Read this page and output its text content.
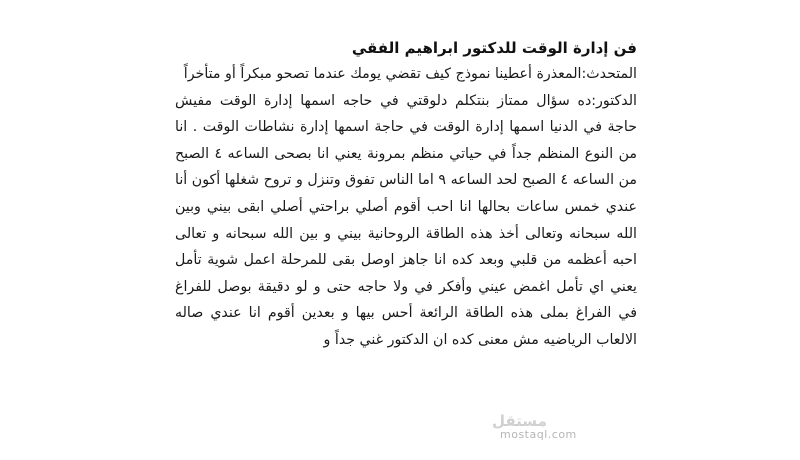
فن إدارة الوقت للدكتور ابراهيم الفقي

المتحدث:المعذرة أعطينا نموذج كيف تقضي يومك عندما تصحو مبكراً أو متأخراً

الدكتور:ده سؤال ممتاز بنتكلم دلوقتي في حاجه اسمها إدارة الوقت مفيش حاجة في الدنيا اسمها إدارة الوقت في حاجة اسمها إدارة نشاطات الوقت . انا من النوع المنظم جداً في حياتي منظم بمرونة يعني انا بصحى الساعه ٤ الصبح من الساعه ٤ الصبح لحد الساعه ٩ اما الناس تفوق وتنزل و تروح شغلها أكون أنا عندي خمس ساعات بحالها انا احب أقوم أصلي براحتي أصلي ابقى بيني وبين الله سبحانه وتعالى أخذ هذه الطاقة الروحانية بيني و بين الله سبحانه و تعالى احبه أعظمه من قلبي وبعد كده انا جاهز اوصل بقى للمرحلة اعمل شوية تأمل يعني اي تأمل اغمض عيني وأفكر في ولا حاجه حتى و لو دقيقة بوصل للفراغ في الفراغ بملى هذه الطاقة الرائعة أحس بيها و بعدين أقوم انا عندي صاله الالعاب الرياضيه مش معنى كده ان الدكتور غني جداً و

مستقل
mostaql.com
